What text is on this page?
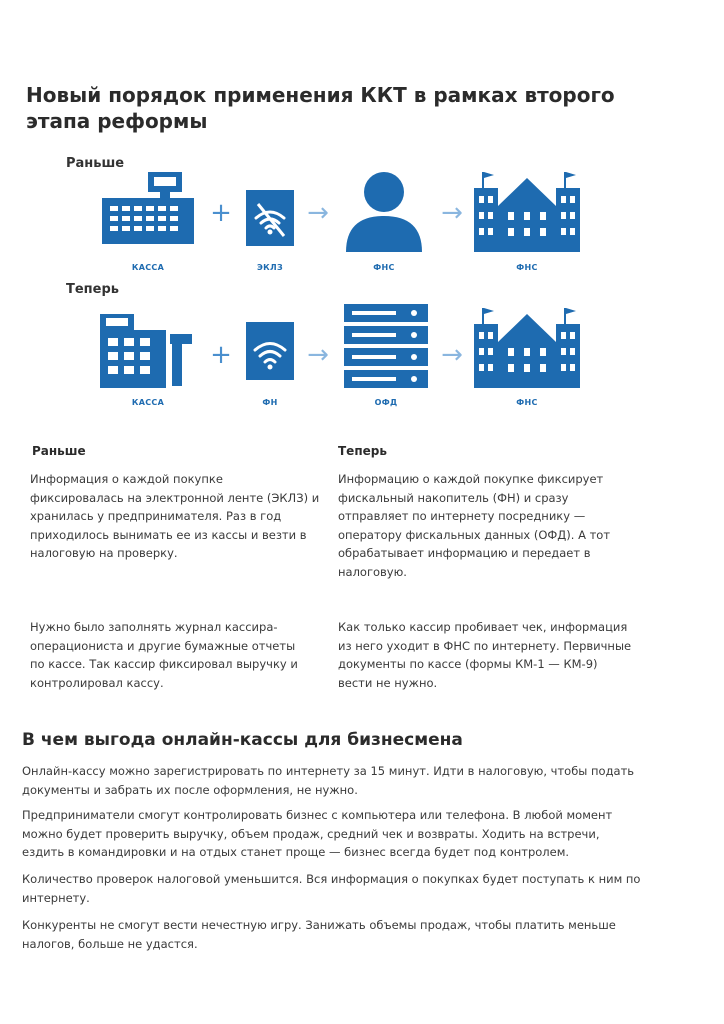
Новый порядок применения ККТ в рамках второго этапа реформы
Раньше
КАССА
+
ЭКЛЗ
→
ФНС
→
ФНС
Теперь
КАССА
+
ФН
→
ОФД
→
ФНС
Раньше	Теперь

Информация о каждой покупке фиксировалась на электронной ленте (ЭКЛЗ) и хранилась у предпринимателя. Раз в год приходилось вынимать ее из кассы и везти в налоговую на проверку.

Информацию о каждой покупке фиксирует фискальный накопитель (ФН) и сразу отправляет по интернету посреднику — оператору фискальных данных (ОФД). А тот обрабатывает информацию и передает в налоговую.

Нужно было заполнять журнал кассира-операциониста и другие бумажные отчеты по кассе. Так кассир фиксировал выручку и контролировал кассу.

Как только кассир пробивает чек, информация из него уходит в ФНС по интернету. Первичные документы по кассе (формы КМ-1 — КМ-9) вести не нужно.

В чем выгода онлайн-кассы для бизнесмена

Онлайн-кассу можно зарегистрировать по интернету за 15 минут. Идти в налоговую, чтобы подать документы и забрать их после оформления, не нужно.

Предприниматели смогут контролировать бизнес с компьютера или телефона. В любой момент можно будет проверить выручку, объем продаж, средний чек и возвраты. Ходить на встречи, ездить в командировки и на отдых станет проще — бизнес всегда будет под контролем.

Количество проверок налоговой уменьшится. Вся информация о покупках будет поступать к ним по интернету.

Конкуренты не смогут вести нечестную игру. Занижать объемы продаж, чтобы платить меньше налогов, больше не удастся.
